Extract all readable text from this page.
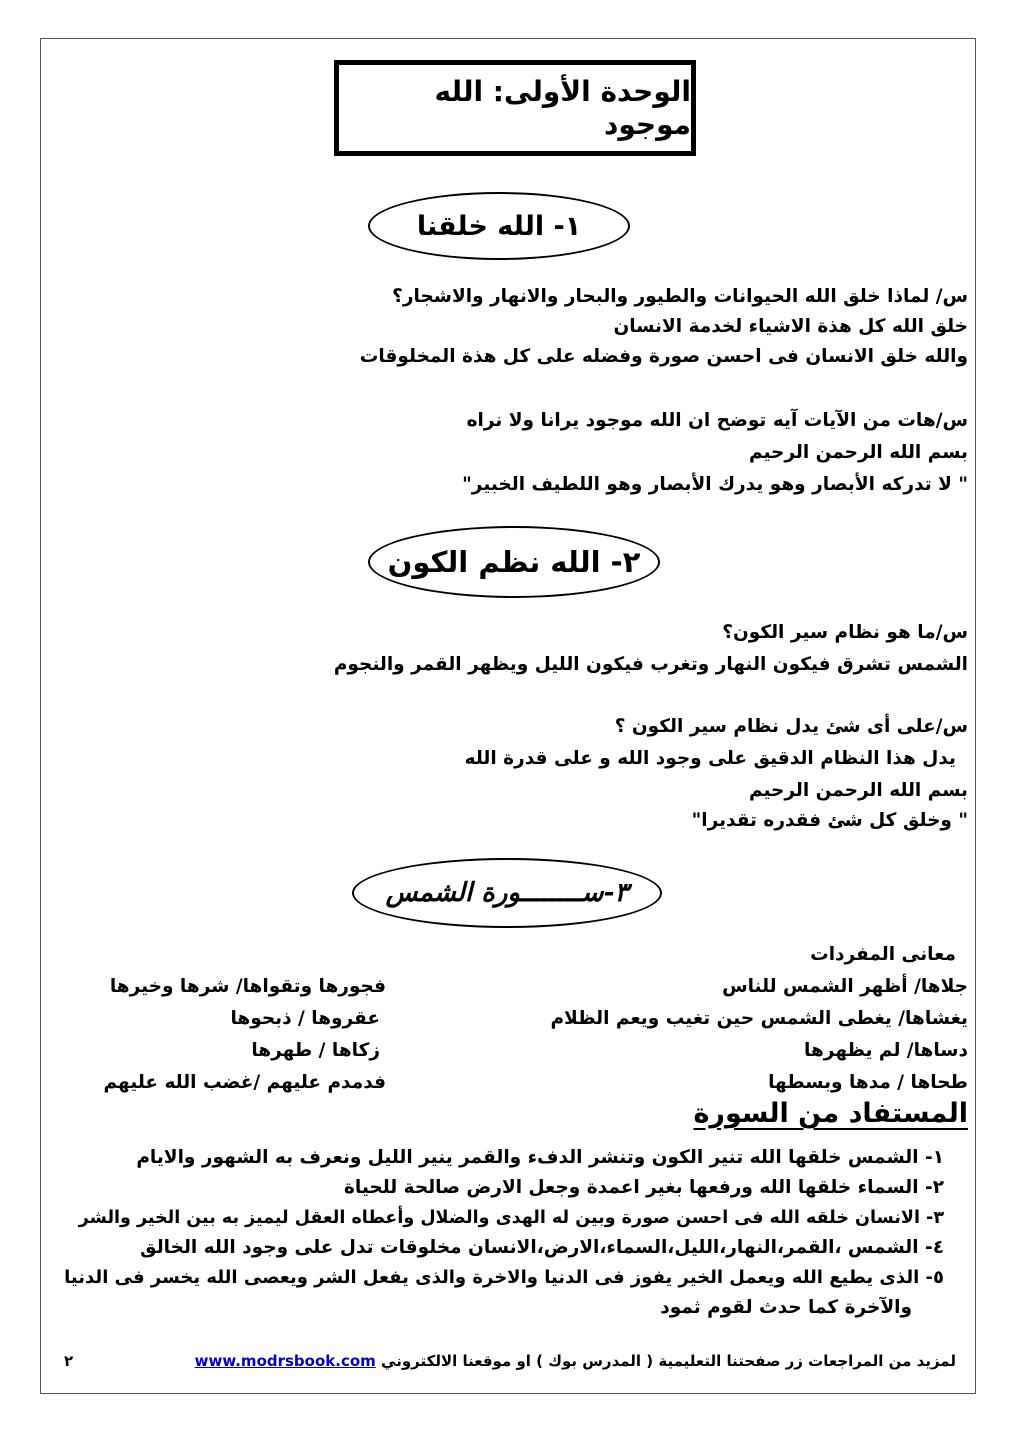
الوحدة الأولى: الله موجود
١- الله خلقنا
س/ لماذا خلق الله الحيوانات والطيور والبحار والانهار والاشجار؟
خلق الله كل هذة الاشياء لخدمة الانسان
والله خلق الانسان فى احسن صورة وفضله على كل هذة المخلوقات
س/هات من الآيات آيه توضح ان الله موجود يرانا ولا نراه
بسم الله الرحمن الرحيم
" لا تدركه الأبصار وهو يدرك الأبصار وهو اللطيف الخبير"
٢- الله نظم الكون
س/ما هو نظام سير الكون؟
الشمس تشرق فيكون النهار وتغرب فيكون الليل ويظهر القمر والنجوم
س/على أى شئ يدل نظام سير الكون ؟
يدل هذا النظام الدقيق على وجود الله و على قدرة الله
بسم الله الرحمن الرحيم
" وخلق كل شئ فقدره تقديرا"
٣-ســــــــورة الشمس
معانى المفردات
جلاها/ أظهر الشمس للناس
يغشاها/ يغطى الشمس حين تغيب ويعم الظلام
دساها/ لم يظهرها
طحاها / مدها وبسطها
فجورها وتقواها/ شرها وخيرها
عقروها / ذبحوها
زكاها / طهرها
فدمدم عليهم /غضب الله عليهم
المستفاد من السورة
١- الشمس خلقها الله تنير الكون وتنشر الدفء والقمر ينير الليل ونعرف به الشهور والايام
٢- السماء خلقها الله ورفعها بغير اعمدة وجعل الارض صالحة للحياة
٣- الانسان خلقه الله فى احسن صورة وبين له الهدى والضلال وأعطاه العقل ليميز به بين الخير والشر
٤- الشمس ،القمر،النهار،الليل،السماء،الارض،الانسان مخلوقات تدل على وجود الله الخالق
٥- الذى يطيع الله ويعمل الخير يفوز فى الدنيا والاخرة والذى يفعل الشر ويعصى الله يخسر فى الدنيا
والآخرة كما حدث لقوم ثمود
لمزيد من المراجعات زر صفحتنا التعليمية ( المدرس بوك ) او موقعنا الالكتروني www.modrsbook.com
٢
